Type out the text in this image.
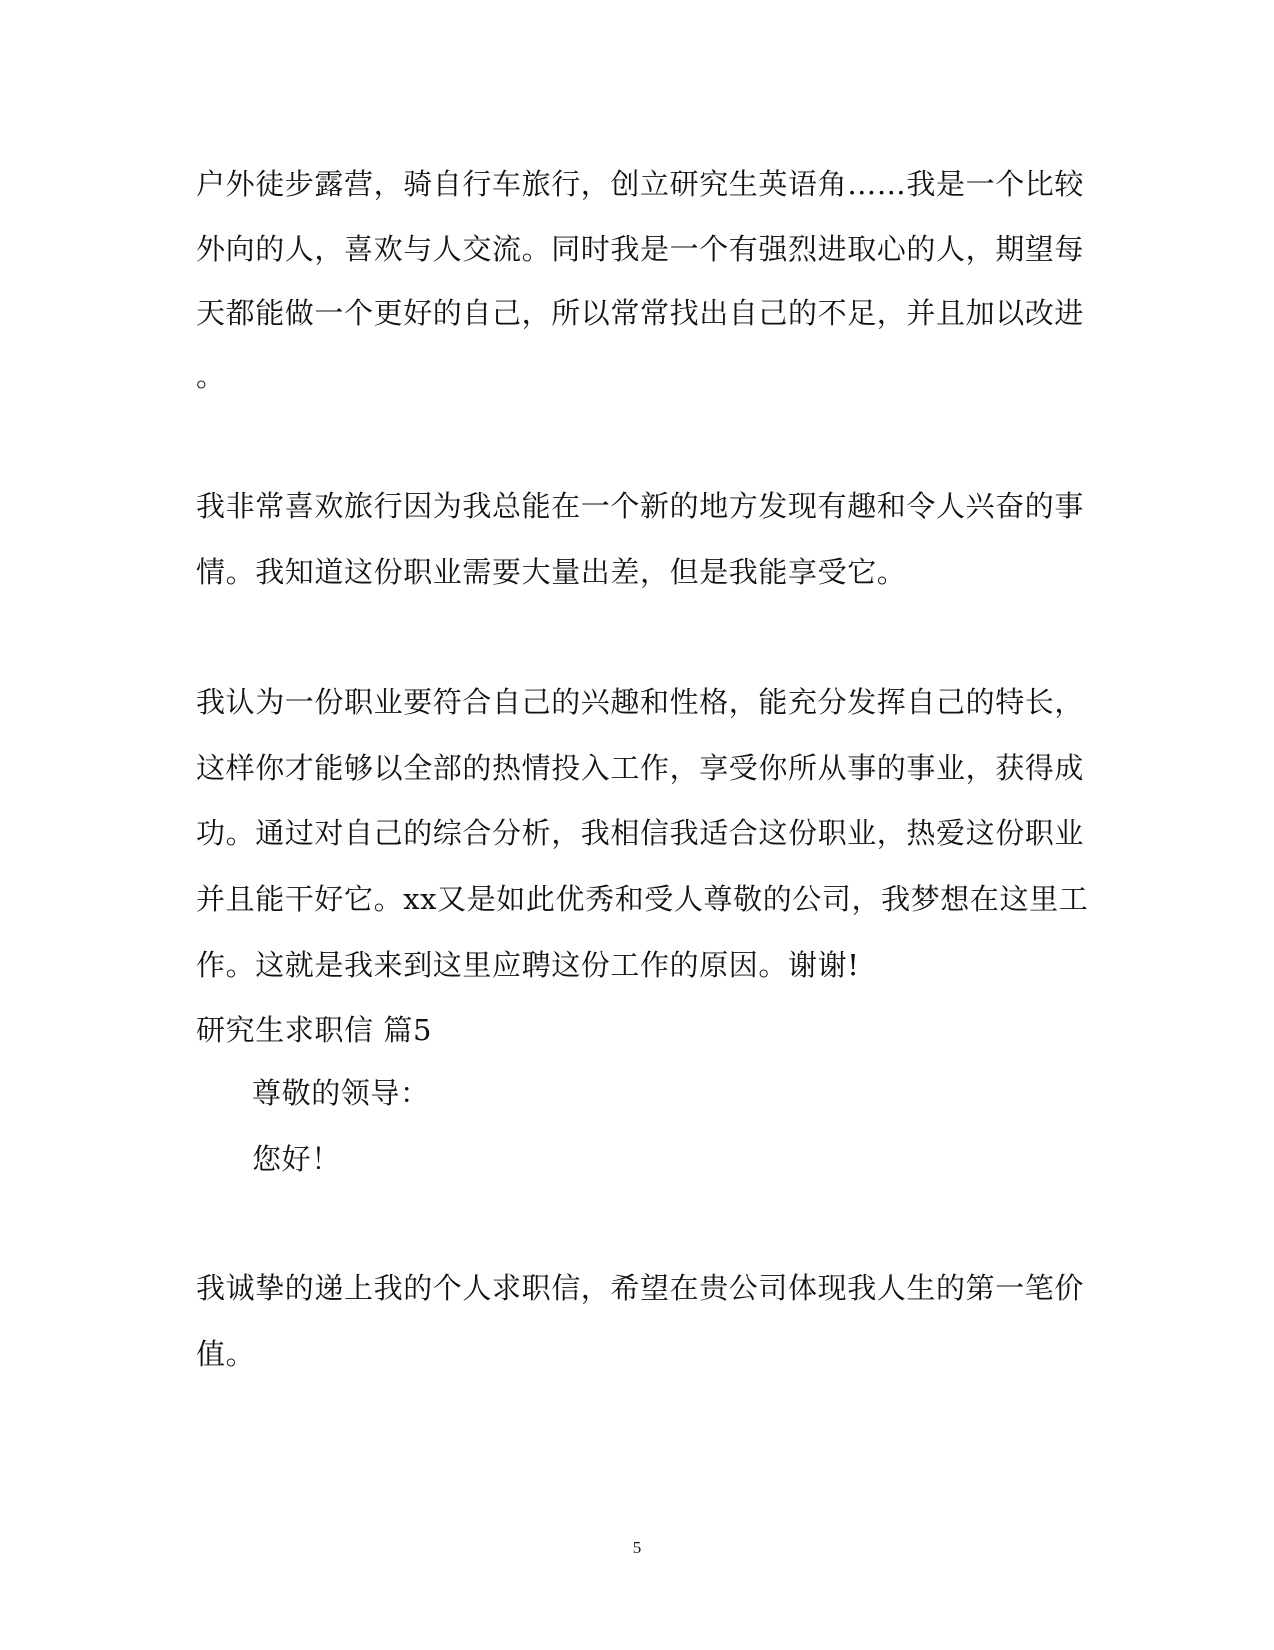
户外徒步露营，骑自行车旅行，创立研究生英语角……我是一个比较
外向的人，喜欢与人交流。同时我是一个有强烈进取心的人，期望每
天都能做一个更好的自己，所以常常找出自己的不足，并且加以改进
。
我非常喜欢旅行因为我总能在一个新的地方发现有趣和令人兴奋的事
情。我知道这份职业需要大量出差，但是我能享受它。
我认为一份职业要符合自己的兴趣和性格，能充分发挥自己的特长，
这样你才能够以全部的热情投入工作，享受你所从事的事业，获得成
功。通过对自己的综合分析，我相信我适合这份职业，热爱这份职业
并且能干好它。xx又是如此优秀和受人尊敬的公司，我梦想在这里工
作。这就是我来到这里应聘这份工作的原因。谢谢!
研究生求职信 篇5
尊敬的领导：
您好！
我诚挚的递上我的个人求职信，希望在贵公司体现我人生的第一笔价
值。
5
